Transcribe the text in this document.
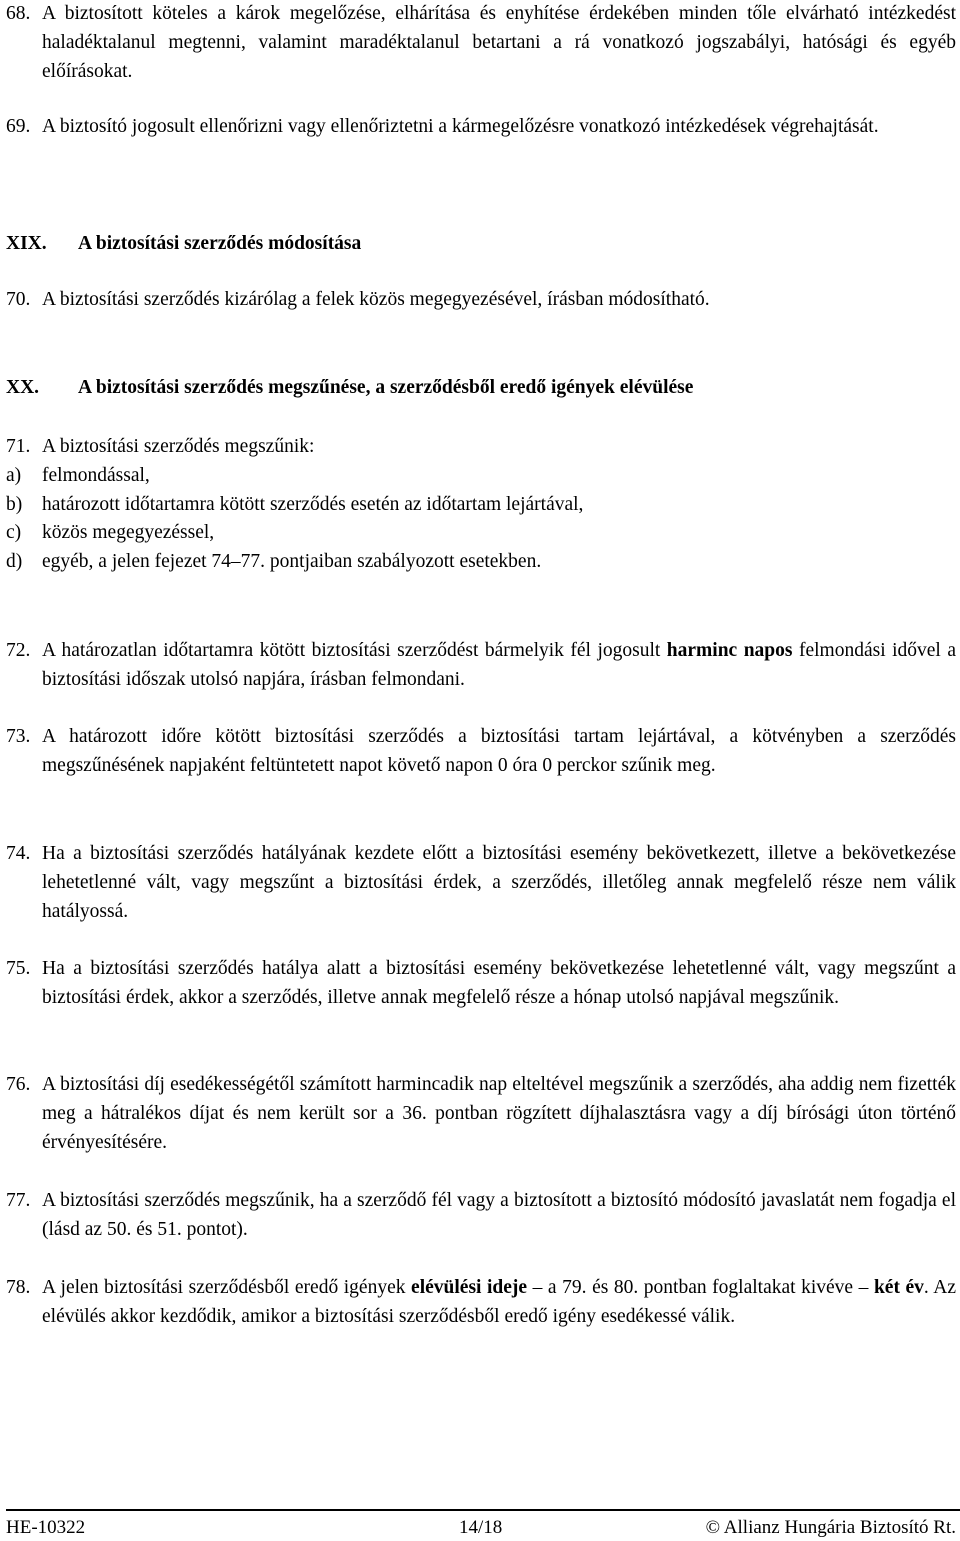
68. A biztosított köteles a károk megelőzése, elhárítása és enyhítése érdekében minden tőle elvárható intézkedést haladéktalanul megtenni, valamint maradéktalanul betartani a rá vonatkozó jogszabályi, hatósági és egyéb előírásokat.
69. A biztosító jogosult ellenőrizni vagy ellenőriztetni a kármegelőzésre vonatkozó intézkedések végrehajtását.
XIX.	A biztosítási szerződés módosítása
70. A biztosítási szerződés kizárólag a felek közös megegyezésével, írásban módosítható.
XX.	A biztosítási szerződés megszűnése, a szerződésből eredő igények elévülése
71. A biztosítási szerződés megszűnik:
a)	felmondással,
b)	határozott időtartamra kötött szerződés esetén az időtartam lejártával,
c)	közös megegyezéssel,
d)	egyéb, a jelen fejezet 74–77. pontjaiban szabályozott esetekben.
72. A határozatlan időtartamra kötött biztosítási szerződést bármelyik fél jogosult harminc napos felmondási idővel a biztosítási időszak utolsó napjára, írásban felmondani.
73. A határozott időre kötött biztosítási szerződés a biztosítási tartam lejártával, a kötvényben a szerződés megszűnésének napjaként feltüntetett napot követő napon 0 óra 0 perckor szűnik meg.
74. Ha a biztosítási szerződés hatályának kezdete előtt a biztosítási esemény bekövetkezett, illetve a bekövetkezése lehetetlenné vált, vagy megszűnt a biztosítási érdek, a szerződés, illetőleg annak megfelelő része nem válik hatályossá.
75. Ha a biztosítási szerződés hatálya alatt a biztosítási esemény bekövetkezése lehetetlenné vált, vagy megszűnt a biztosítási érdek, akkor a szerződés, illetve annak megfelelő része a hónap utolsó napjával megszűnik.
76. A biztosítási díj esedékességétől számított harmincadik nap elteltével megszűnik a szerződés, aha addig nem fizették meg a hátralékos díjat és nem került sor a 36. pontban rögzített díjhalasztásra vagy a díj bírósági úton történő érvényesítésére.
77. A biztosítási szerződés megszűnik, ha a szerződő fél vagy a biztosított a biztosító módosító javaslatát nem fogadja el (lásd az 50. és 51. pontot).
78. A jelen biztosítási szerződésből eredő igények elévülési ideje – a 79. és 80. pontban foglaltakat kivéve – két év. Az elévülés akkor kezdődik, amikor a biztosítási szerződésből eredő igény esedékessé válik.
HE-10322	14/18	© Allianz Hungária Biztosító Rt.
